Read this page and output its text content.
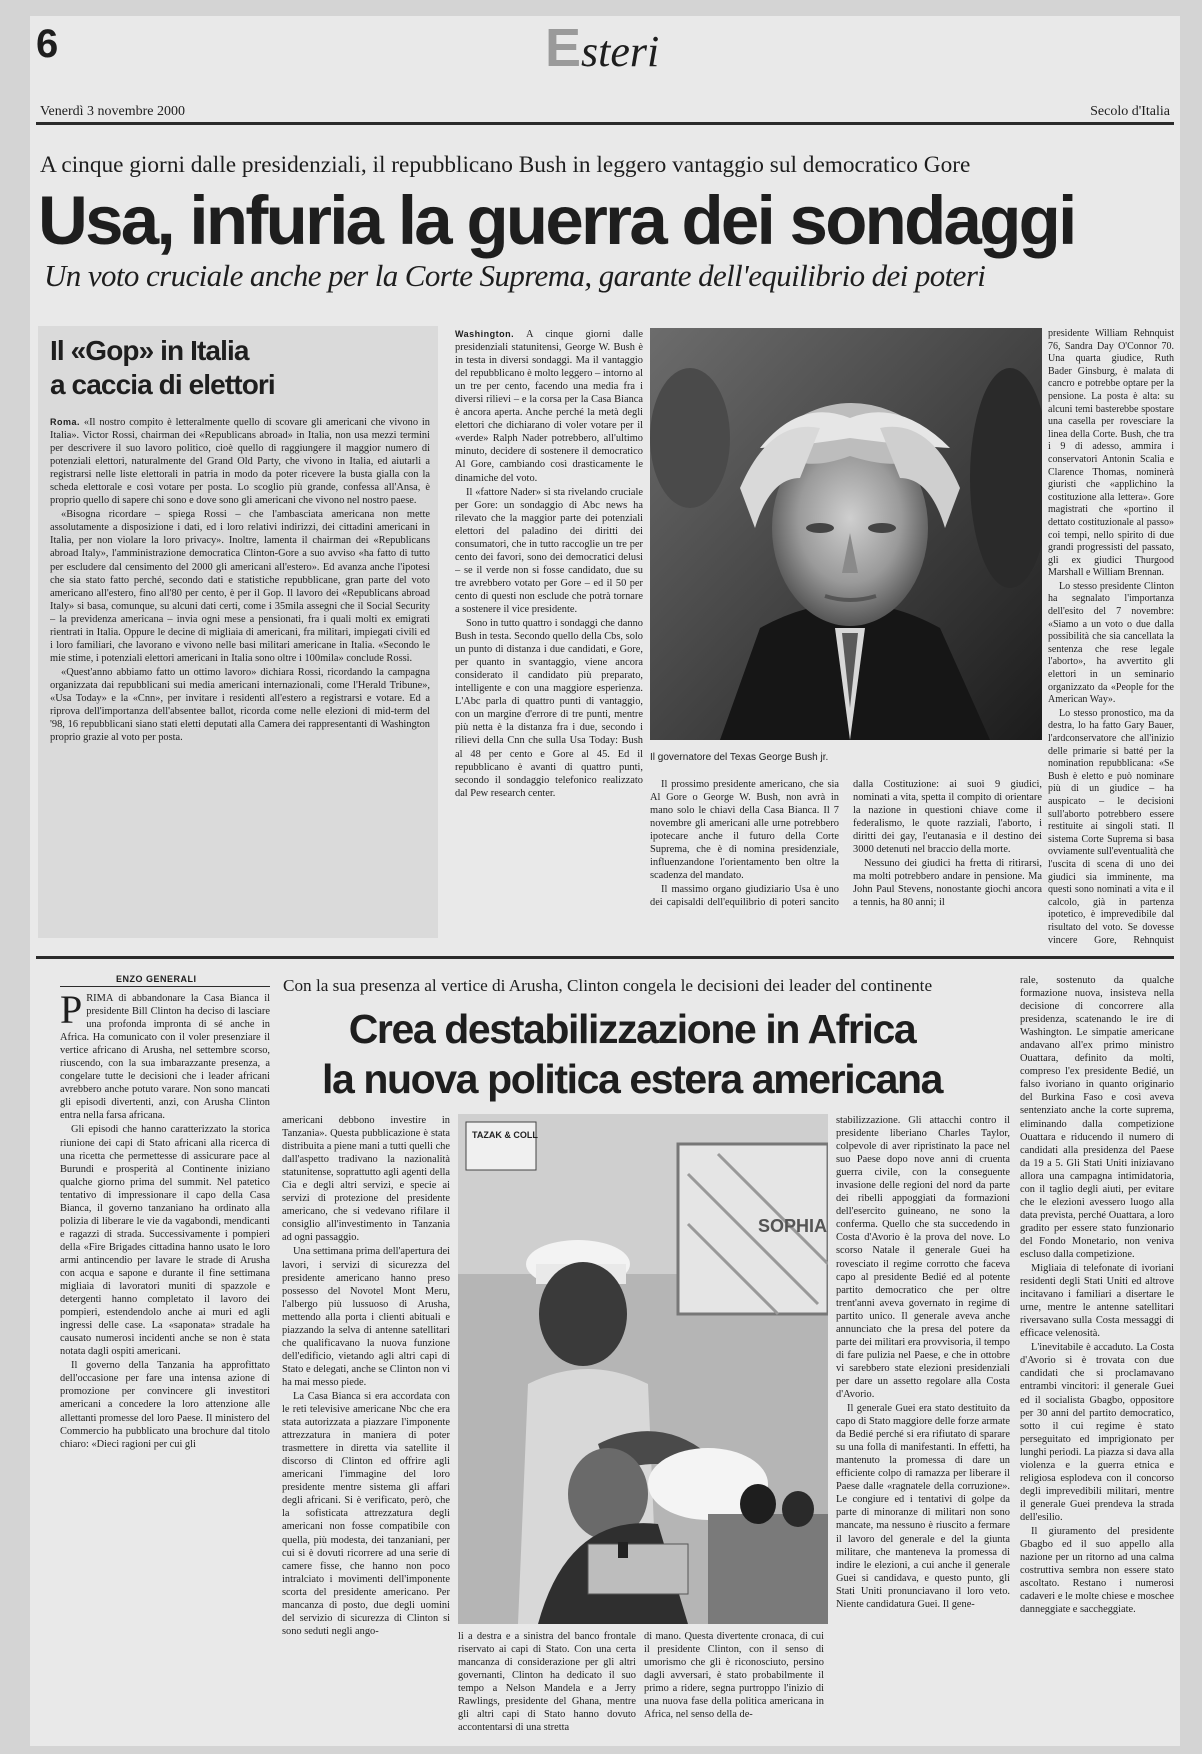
6	Esteri
Venerdì 3 novembre 2000	Secolo d'Italia
A cinque giorni dalle presidenziali, il repubblicano Bush in leggero vantaggio sul democratico Gore
Usa, infuria la guerra dei sondaggi
Un voto cruciale anche per la Corte Suprema, garante dell'equilibrio dei poteri
Il «Gop» in Italia
a caccia di elettori

Roma. «Il nostro compito è letteralmente quello di scovare gli americani che vivono in Italia». Victor Rossi, chairman dei «Republicans abroad» in Italia, non usa mezzi termini per descrivere il suo lavoro politico, cioè quello di raggiungere il maggior numero di potenziali elettori, naturalmente del Grand Old Party, che vivono in Italia, ed aiutarli a registrarsi nelle liste elettorali in patria in modo da poter ricevere la busta gialla con la scheda elettorale e così votare per posta. Lo scoglio più grande, confessa all'Ansa, è proprio quello di sapere chi sono e dove sono gli americani che vivono nel nostro paese.

«Bisogna ricordare – spiega Rossi – che l'ambasciata americana non mette assolutamente a disposizione i dati, ed i loro relativi indirizzi, dei cittadini americani in Italia, per non violare la loro privacy». Inoltre, lamenta il chairman dei «Republicans abroad Italy», l'amministrazione democratica Clinton-Gore a suo avviso «ha fatto di tutto per escludere dal censimento del 2000 gli americani all'estero». Ed avanza anche l'ipotesi che sia stato fatto perché, secondo dati e statistiche repubblicane, gran parte del voto americano all'estero, fino all'80 per cento, è per il Gop. Il lavoro dei «Republicans abroad Italy» si basa, comunque, su alcuni dati certi, come i 35mila assegni che il Social Security – la previdenza americana – invia ogni mese a pensionati, fra i quali molti ex emigrati rientrati in Italia. Oppure le decine di migliaia di americani, fra militari, impiegati civili ed i loro familiari, che lavorano e vivono nelle basi militari americane in Italia. «Secondo le mie stime, i potenziali elettori americani in Italia sono oltre i 100mila» conclude Rossi.

«Quest'anno abbiamo fatto un ottimo lavoro» dichiara Rossi, ricordando la campagna organizzata dai repubblicani sui media americani internazionali, come l'Herald Tribune», «Usa Today» e la «Cnn», per invitare i residenti all'estero a registrarsi e votare. Ed a riprova dell'importanza dell'absentee ballot, ricorda come nelle elezioni di mid-term del '98, 16 repubblicani siano stati eletti deputati alla Camera dei rappresentanti di Washington proprio grazie al voto per posta.

Washington. A cinque giorni dalle presidenziali statunitensi, George W. Bush è in testa in diversi sondaggi. Ma il vantaggio del repubblicano è molto leggero – intorno al un tre per cento, facendo una media fra i diversi rilievi – e la corsa per la Casa Bianca è ancora aperta. Anche perché la metà degli elettori che dichiarano di voler votare per il «verde» Ralph Nader potrebbero, all'ultimo minuto, decidere di sostenere il democratico Al Gore, cambiando così drasticamente le dinamiche del voto.

Il «fattore Nader» si sta rivelando cruciale per Gore: un sondaggio di Abc news ha rilevato che la maggior parte dei potenziali elettori del paladino dei diritti dei consumatori, che in tutto raccoglie un tre per cento dei favori, sono dei democratici delusi – se il verde non si fosse candidato, due su tre avrebbero votato per Gore – ed il 50 per cento di questi non esclude che potrà tornare a sostenere il vice presidente.

Sono in tutto quattro i sondaggi che danno Bush in testa. Secondo quello della Cbs, solo un punto di distanza i due candidati, e Gore, per quanto in svantaggio, viene ancora considerato il candidato più preparato, intelligente e con una maggiore esperienza. L'Abc parla di quattro punti di vantaggio, con un margine d'errore di tre punti, mentre più netta è la distanza fra i due, secondo i rilievi della Cnn che sulla Usa Today: Bush al 48 per cento e Gore al 45. Ed il repubblicano è avanti di quattro punti, secondo il sondaggio telefonico realizzato dal Pew research center.

Il governatore del Texas George Bush jr.

Il prossimo presidente americano, che sia Al Gore o George W. Bush, non avrà in mano solo le chiavi della Casa Bianca. Il 7 novembre gli americani alle urne potrebbero ipotecare anche il futuro della Corte Suprema, che è di nomina presidenziale, influenzandone l'orientamento ben oltre la scadenza del mandato.

Il massimo organo giudiziario Usa è uno dei capisaldi dell'equilibrio di poteri sancito dalla Costituzione: ai suoi 9 giudici, nominati a vita, spetta il compito di orientare la nazione in questioni chiave come il federalismo, le quote razziali, l'aborto, i diritti dei gay, l'eutanasia e il destino dei 3000 detenuti nel braccio della morte.

Nessuno dei giudici ha fretta di ritirarsi, ma molti potrebbero andare in pensione. Ma John Paul Stevens, nonostante giochi ancora a tennis, ha 80 anni; il

presidente William Rehnquist 76, Sandra Day O'Connor 70. Una quarta giudice, Ruth Bader Ginsburg, è malata di cancro e potrebbe optare per la pensione. La posta è alta: su alcuni temi basterebbe spostare una casella per rovesciare la linea della Corte. Bush, che tra i 9 di adesso, ammira i conservatori Antonin Scalia e Clarence Thomas, nominerà giuristi che «applichino la costituzione alla lettera». Gore magistrati che «portino il dettato costituzionale al passo» coi tempi, nello spirito di due grandi progressisti del passato, gli ex giudici Thurgood Marshall e William Brennan.

Lo stesso presidente Clinton ha segnalato l'importanza dell'esito del 7 novembre: «Siamo a un voto o due dalla possibilità che sia cancellata la sentenza che rese legale l'aborto», ha avvertito gli elettori in un seminario organizzato da «People for the American Way».

Lo stesso pronostico, ma da destra, lo ha fatto Gary Bauer, l'ardconservatore che all'inizio delle primarie si batté per la nomination repubblicana: «Se Bush è eletto e può nominare più di un giudice – ha auspicato – le decisioni sull'aborto potrebbero essere restituite ai singoli stati. Il sistema Corte Suprema si basa ovviamente sull'eventualità che l'uscita di scena di uno dei giudici sia imminente, ma questi sono nominati a vita e il calcolo, già in partenza ipotetico, è imprevedibile dal risultato del voto. Se dovesse vincere Gore, Rehnquist

ENZO GENERALI	Con la sua presenza al vertice di Arusha, Clinton congela le decisioni dei leader del continente
Crea destabilizzazione in Africa
la nuova politica estera americana

PRIMA di abbandonare la Casa Bianca il presidente Bill Clinton ha deciso di lasciare una profonda impronta di sé anche in Africa. Ha comunicato con il voler presenziare il vertice africano di Arusha, nel settembre scorso, riuscendo, con la sua imbarazzante presenza, a congelare tutte le decisioni che i leader africani avrebbero anche potuto varare. Non sono mancati gli episodi divertenti, anzi, con Arusha Clinton entra nella farsa africana.

Gli episodi che hanno caratterizzato la storica riunione dei capi di Stato africani alla ricerca di una ricetta che permettesse di assicurare pace al Burundi e prosperità al Continente iniziano qualche giorno prima del summit. Nel patetico tentativo di impressionare il capo della Casa Bianca, il governo tanzaniano ha ordinato alla polizia di liberare le vie da vagabondi, mendicanti e ragazzi di strada. Successivamente i pompieri della «Fire Brigades cittadina hanno usato le loro armi antincendio per lavare le strade di Arusha con acqua e sapone e durante il fine settimana migliaia di lavoratori muniti di spazzole e detergenti hanno completato il lavoro dei pompieri, estendendolo anche ai muri ed agli ingressi delle case. La «saponata» stradale ha causato numerosi incidenti anche se non è stata notata dagli ospiti americani.

Il governo della Tanzania ha approfittato dell'occasione per fare una intensa azione di promozione per convincere gli investitori americani a concedere la loro attenzione alle allettanti promesse del loro Paese. Il ministero del Commercio ha pubblicato una brochure dal titolo chiaro: «Dieci ragioni per cui gli

americani debbono investire in Tanzania». Questa pubblicazione è stata distribuita a piene mani a tutti quelli che dall'aspetto tradivano la nazionalità statunitense, soprattutto agli agenti della Cia e degli altri servizi, e specie ai servizi di protezione del presidente americano, che si vedevano rifilare il consiglio all'investimento in Tanzania ad ogni passaggio.

Una settimana prima dell'apertura dei lavori, i servizi di sicurezza del presidente americano hanno preso possesso del Novotel Mont Meru, l'albergo più lussuoso di Arusha, mettendo alla porta i clienti abituali e piazzando la selva di antenne satellitari che qualificavano la nuova funzione dell'edificio, vietando agli altri capi di Stato e delegati, anche se Clinton non vi ha mai messo piede.

La Casa Bianca si era accordata con le reti televisive americane Nbc che era stata autorizzata a piazzare l'imponente attrezzatura in maniera di poter trasmettere in diretta via satellite il discorso di Clinton ed offrire agli americani l'immagine del loro presidente mentre sistema gli affari degli africani. Si è verificato, però, che la sofisticata attrezzatura degli americani non fosse compatibile con quella, più modesta, dei tanzaniani, per cui si è dovuti ricorrere ad una serie di camere fisse, che hanno non poco intralciato i movimenti dell'imponente scorta del presidente americano. Per mancanza di posto, due degli uomini del servizio di sicurezza di Clinton si sono seduti negli ango-

TAZAK & COLL
SOPHIA

li a destra e a sinistra del banco frontale riservato ai capi di Stato. Con una certa mancanza di considerazione per gli altri governanti, Clinton ha dedicato il suo tempo a Nelson Mandela e a Jerry Rawlings, presidente del Ghana, mentre gli altri capi di Stato hanno dovuto accontentarsi di una stretta

di mano. Questa divertente cronaca, di cui il presidente Clinton, con il senso di umorismo che gli è riconosciuto, persino dagli avversari, è stato probabilmente il primo a ridere, segna purtroppo l'inizio di una nuova fase della politica americana in Africa, nel senso della de-

stabilizzazione. Gli attacchi contro il presidente liberiano Charles Taylor, colpevole di aver ripristinato la pace nel suo Paese dopo nove anni di cruenta guerra civile, con la conseguente invasione delle regioni del nord da parte dei ribelli appoggiati da formazioni dell'esercito guineano, ne sono la conferma. Quello che sta succedendo in Costa d'Avorio è la prova del nove. Lo scorso Natale il generale Guei ha rovesciato il regime corrotto che faceva capo al presidente Bedié ed al potente partito democratico che per oltre trent'anni aveva governato in regime di partito unico. Il generale aveva anche annunciato che la presa del potere da parte dei militari era provvisoria, il tempo di fare pulizia nel Paese, e che in ottobre vi sarebbero state elezioni presidenziali per dare un assetto regolare alla Costa d'Avorio.

Il generale Guei era stato destituito da capo di Stato maggiore delle forze armate da Bedié perché si era rifiutato di sparare su una folla di manifestanti. In effetti, ha mantenuto la promessa di dare un efficiente colpo di ramazza per liberare il Paese dalle «ragnatele della corruzione». Le congiure ed i tentativi di golpe da parte di minoranze di militari non sono mancate, ma nessuno è riuscito a fermare il lavoro del generale e del la giunta militare, che manteneva la promessa di indire le elezioni, a cui anche il generale Guei si candidava, e questo punto, gli Stati Uniti pronunciavano il loro veto. Niente candidatura Guei. Il gene-

rale, sostenuto da qualche formazione nuova, insisteva nella decisione di concorrere alla presidenza, scatenando le ire di Washington. Le simpatie americane andavano all'ex primo ministro Ouattara, definito da molti, compreso l'ex presidente Bedié, un falso ivoriano in quanto originario del Burkina Faso e così aveva sentenziato anche la corte suprema, eliminando dalla competizione Ouattara e riducendo il numero di candidati alla presidenza del Paese da 19 a 5. Gli Stati Uniti iniziavano allora una campagna intimidatoria, con il taglio degli aiuti, per evitare che le elezioni avessero luogo alla data prevista, perché Ouattara, a loro gradito per essere stato funzionario del Fondo Monetario, non veniva escluso dalla competizione.

Migliaia di telefonate di ivoriani residenti degli Stati Uniti ed altrove incitavano i familiari a disertare le urne, mentre le antenne satellitari riversavano sulla Costa messaggi di efficace velenosità.

L'inevitabile è accaduto. La Costa d'Avorio si è trovata con due candidati che si proclamavano entrambi vincitori: il generale Guei ed il socialista Gbagbo, oppositore per 30 anni del partito democratico, sotto il cui regime è stato perseguitato ed imprigionato per lunghi periodi. La piazza si dava alla violenza e la guerra etnica e religiosa esplodeva con il concorso degli imprevedibili militari, mentre il generale Guei prendeva la strada dell'esilio.

Il giuramento del presidente Gbagbo ed il suo appello alla nazione per un ritorno ad una calma costruttiva sembra non essere stato ascoltato. Restano i numerosi cadaveri e le molte chiese e moschee danneggiate e saccheggiate.
